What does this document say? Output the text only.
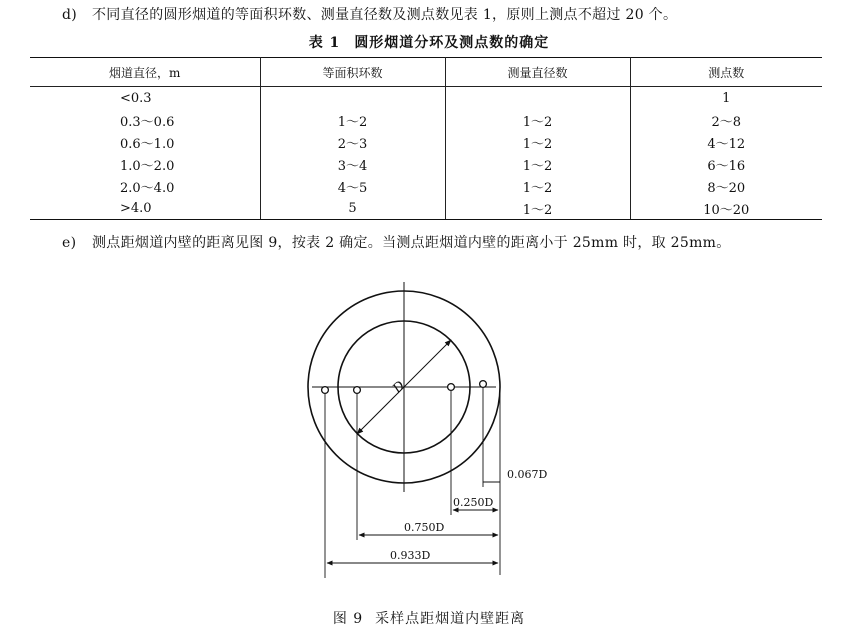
d) 不同直径的圆形烟道的等面积环数、测量直径数及测点数见表 1，原则上测点不超过 20 个。
表 1 圆形烟道分环及测点数的确定
烟道直径，m	等面积环数	测量直径数	测点数
<0.3			1
0.3～0.6	1～2	1～2	2～8
0.6～1.0	2～3	1～2	4～12
1.0～2.0	3～4	1～2	6～16
2.0～4.0	4～5	1～2	8～20
>4.0	5	1～2	10～20
e) 测点距烟道内壁的距离见图 9，按表 2 确定。当测点距烟道内壁的距离小于 25mm 时，取 25mm。
D
0.067D
0.250D
0.750D
0.933D
图 9 采样点距烟道内壁距离
